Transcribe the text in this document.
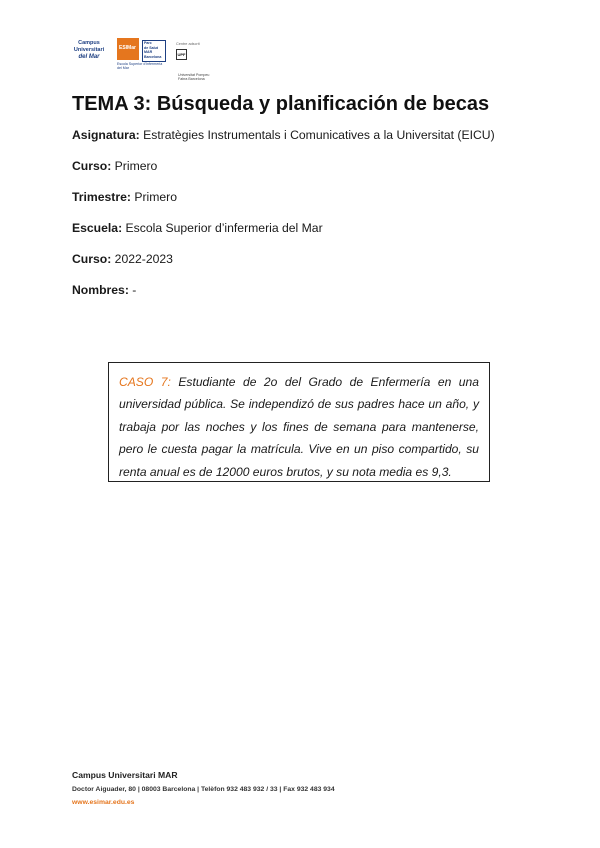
Campus
Universitari
del Mar
ESIMar
Parc
de Salut
MAR
Barcelona
Escola Superior d'Infermeria del Mar
Centre adscrit
UPF Universitat Pompeu Fabra Barcelona
TEMA 3: Búsqueda y planificación de becas
Asignatura: Estratègies Instrumentals i Comunicatives a la Universitat (EICU)
Curso: Primero
Trimestre: Primero
Escuela: Escola Superior d’infermeria del Mar
Curso: 2022-2023
Nombres: -

CASO 7: Estudiante de 2o del Grado de Enfermería en una universidad pública. Se independizó de sus padres hace un año, y trabaja por las noches y los fines de semana para mantenerse, pero le cuesta pagar la matrícula. Vive en un piso compartido, su renta anual es de 12000 euros brutos, y su nota media es 9,3.

Campus Universitari MAR
Doctor Aiguader, 80 | 08003 Barcelona | Telèfon 932 483 932 / 33 | Fax 932 483 934
www.esimar.edu.es
